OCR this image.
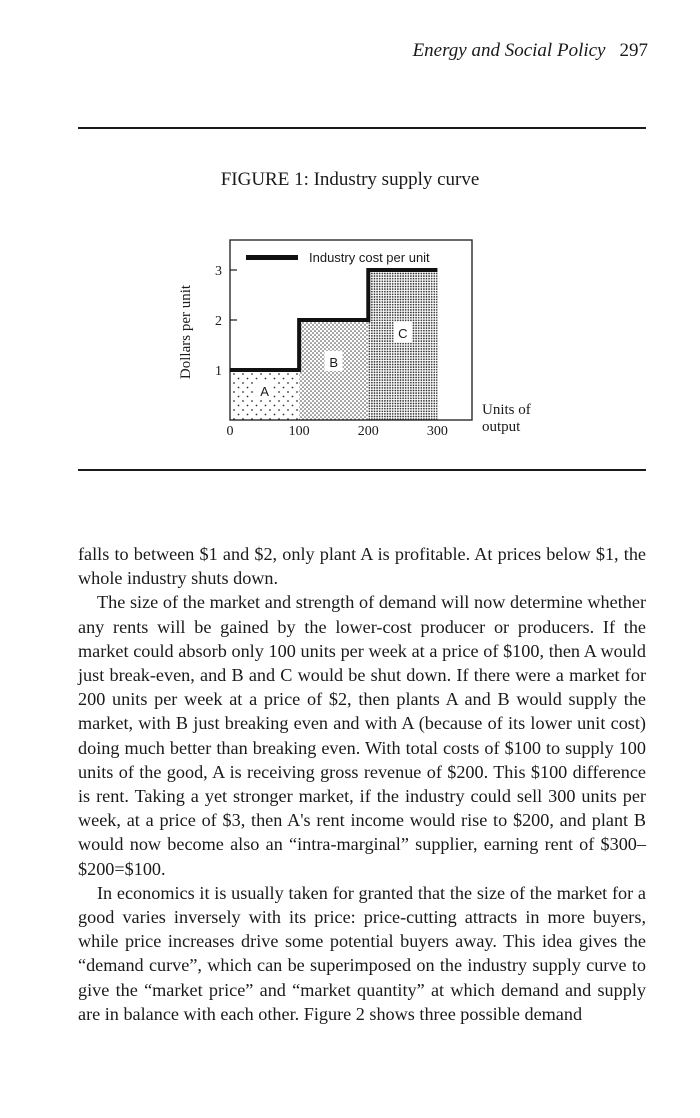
Energy and Social Policy 297
FIGURE 1: Industry supply curve
1
2
3
0	100	200	300
A
B
C
Industry cost per unit
Dollars per unit
Units of
output

falls to between $1 and $2, only plant A is profitable. At prices below $1, the whole industry shuts down.

The size of the market and strength of demand will now determine whether any rents will be gained by the lower-cost producer or producers. If the market could absorb only 100 units per week at a price of $100, then A would just break-even, and B and C would be shut down. If there were a market for 200 units per week at a price of $2, then plants A and B would supply the market, with B just breaking even and with A (because of its lower unit cost) doing much better than breaking even. With total costs of $100 to supply 100 units of the good, A is receiving gross revenue of $200. This $100 difference is rent. Taking a yet stronger market, if the industry could sell 300 units per week, at a price of $3, then A's rent income would rise to $200, and plant B would now become also an “intra-marginal” supplier, earning rent of $300–$200=$100.

In economics it is usually taken for granted that the size of the market for a good varies inversely with its price: price-cutting attracts in more buyers, while price increases drive some potential buyers away. This idea gives the “demand curve”, which can be superimposed on the industry supply curve to give the “market price” and “market quantity” at which demand and supply are in balance with each other. Figure 2 shows three possible demand
